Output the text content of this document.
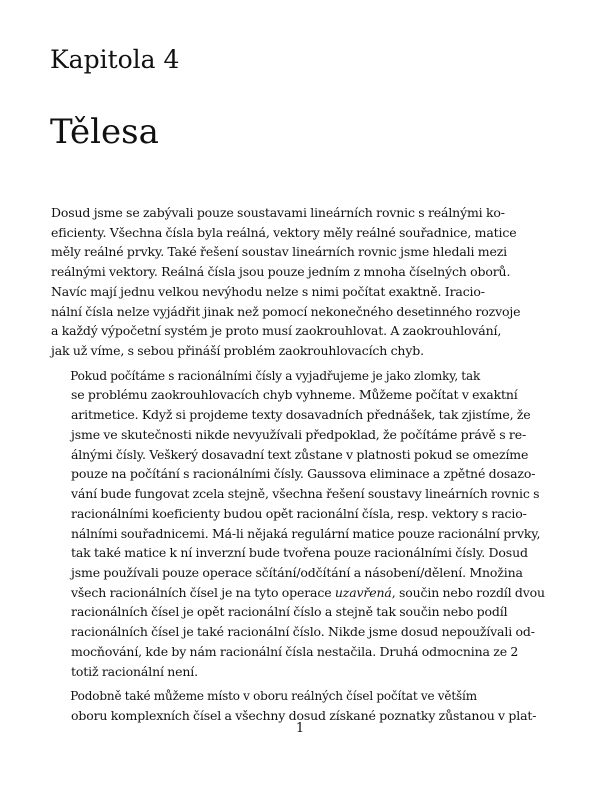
Kapitola 4
Tělesa

Dosud jsme se zabývali pouze soustavami lineárních rovnic s reálnými ko-
eficienty. Všechna čísla byla reálná, vektory měly reálné souřadnice, matice
měly reálné prvky. Také řešení soustav lineárních rovnic jsme hledali mezi
reálnými vektory. Reálná čísla jsou pouze jedním z mnoha číselných oborů.
Navíc mají jednu velkou nevýhodu nelze s nimi počítat exaktně. Iracio-
nální čísla nelze vyjádřit jinak než pomocí nekonečného desetinného rozvoje
a každý výpočetní systém je proto musí zaokrouhlovat. A zaokrouhlování,
jak už víme, s sebou přináší problém zaokrouhlovacích chyb.

Pokud počítáme s racionálními čísly a vyjadřujeme je jako zlomky, tak
se problému zaokrouhlovacích chyb vyhneme. Můžeme počítat v exaktní
aritmetice. Když si projdeme texty dosavadních přednášek, tak zjistíme, že
jsme ve skutečnosti nikde nevyužívali předpoklad, že počítáme právě s re-
álnými čísly. Veškerý dosavadní text zůstane v platnosti pokud se omezíme
pouze na počítání s racionálními čísly. Gaussova eliminace a zpětné dosazo-
vání bude fungovat zcela stejně, všechna řešení soustavy lineárních rovnic s
racionálními koeficienty budou opět racionální čísla, resp. vektory s racio-
nálními souřadnicemi. Má-li nějaká regulární matice pouze racionální prvky,
tak také matice k ní inverzní bude tvořena pouze racionálními čísly. Dosud
jsme používali pouze operace sčítání/odčítání a násobení/dělení. Množina
všech racionálních čísel je na tyto operace uzavřená, součin nebo rozdíl dvou
racionálních čísel je opět racionální číslo a stejně tak součin nebo podíl
racionálních čísel je také racionální číslo. Nikde jsme dosud nepoužívali od-
mocňování, kde by nám racionální čísla nestačila. Druhá odmocnina ze 2
totiž racionální není.

Podobně také můžeme místo v oboru reálných čísel počítat ve větším
oboru komplexních čísel a všechny dosud získané poznatky zůstanou v plat-

1
